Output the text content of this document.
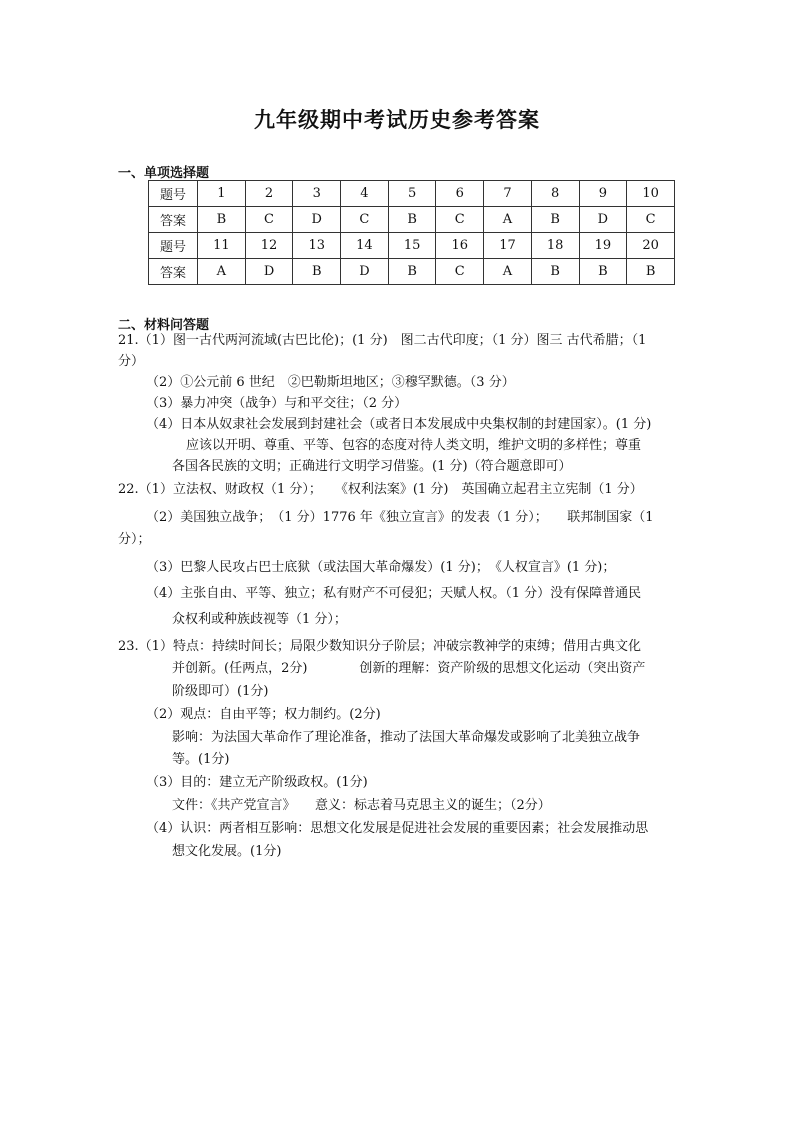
九年级期中考试历史参考答案
一、单项选择题
题号	1	2	3	4	5	6	7	8	9	10
答案	B	C	D	C	B	C	A	B	D	C
题号	11	12	13	14	15	16	17	18	19	20
答案	A	D	B	D	B	C	A	B	B	B
二、材料问答题
21.（1）图一古代两河流域(古巴比伦)；(1 分)　图二古代印度；（1 分）图三 古代希腊；（1
分）
（2）①公元前 6 世纪　②巴勒斯坦地区；③穆罕默德。（3 分）
（3）暴力冲突（战争）与和平交往；（2 分）
（4）日本从奴隶社会发展到封建社会（或者日本发展成中央集权制的封建国家）。(1 分)
应该以开明、尊重、平等、包容的态度对待人类文明，维护文明的多样性；尊重
各国各民族的文明；正确进行文明学习借鉴。(1 分)（符合题意即可）
22.（1）立法权、财政权（1 分）；　　《权利法案》(1 分)　英国确立起君主立宪制（1 分）
（2）美国独立战争；　（1 分）1776 年《独立宣言》的发表（1 分）；　　联邦制国家（1
分）；
（3）巴黎人民攻占巴士底狱（或法国大革命爆发）(1 分)；　《人权宣言》(1 分)；
（4）主张自由、平等、独立；私有财产不可侵犯；天赋人权。（1 分）没有保障普通民
众权利或种族歧视等（1 分）；
23.（1）特点：持续时间长；局限少数知识分子阶层；冲破宗教神学的束缚；借用古典文化
并创新。(任两点，2分)　　　　创新的理解：资产阶级的思想文化运动（突出资产
阶级即可）(1分)
（2）观点：自由平等；权力制约。(2分)
影响：为法国大革命作了理论准备，推动了法国大革命爆发或影响了北美独立战争
等。(1分)
（3）目的：建立无产阶级政权。(1分)
文件：《共产党宣言》　　意义：标志着马克思主义的诞生；（2分）
（4）认识：两者相互影响：思想文化发展是促进社会发展的重要因素；社会发展推动思
想文化发展。(1分)
